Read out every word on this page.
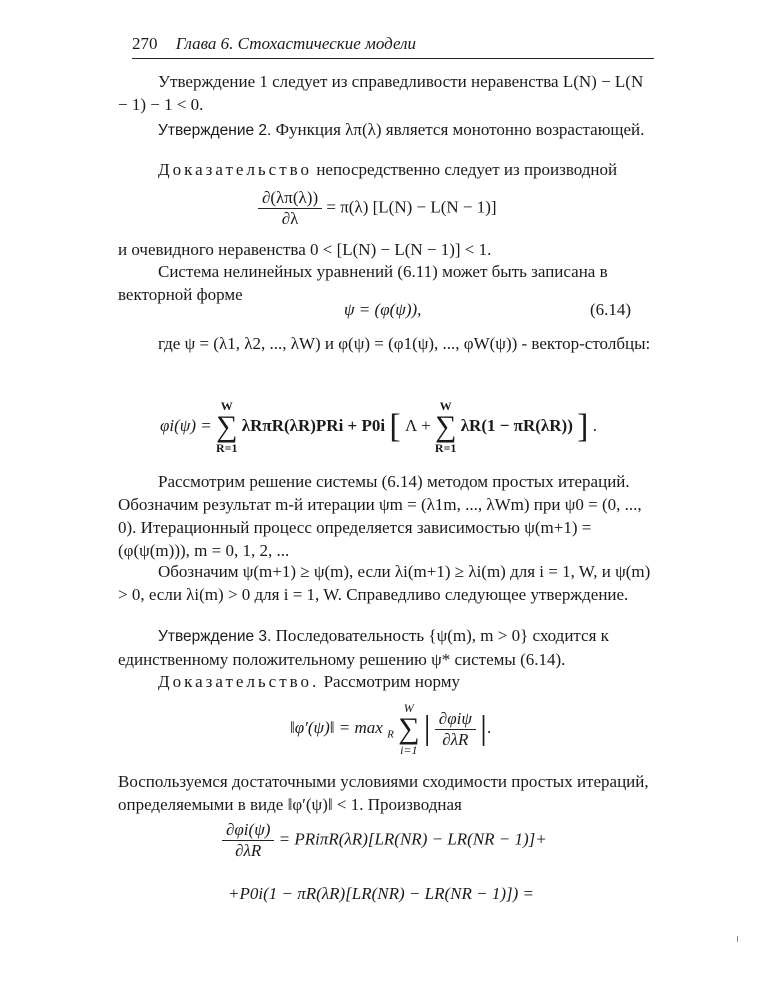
270 Глава 6. Стохастические модели
Утверждение 1 следует из справедливости неравенства L(N) − L(N − 1) − 1 < 0.
Утверждение 2. Функция λπ(λ) является монотонно возрастающей.
Доказательство непосредственно следует из производной
$\frac{\partial(\lambda\pi(\lambda))}{\partial\lambda} = \pi(\lambda) [L(N) - L(N - 1)]$
и очевидного неравенства 0 < [L(N) − L(N − 1)] < 1.
Система нелинейных уравнений (6.11) может быть записана в векторной форме
ψ = (φ(ψ)),	(6.14)
где ψ = (λ1, λ2, ..., λW) и φ(ψ) = (φ1(ψ), ..., φW(ψ)) - вектор-столбцы:
φi(ψ) =
W
∑
R=1
λRπR(λR)PRi + P0i [ Λ +
W
∑
R=1
λR(1 − πR(λR)) ] .
Рассмотрим решение системы (6.14) методом простых итераций. Обозначим результат m-й итерации ψm = (λ1m, ..., λWm) при ψ0 = (0, ..., 0). Итерационный процесс определяется зависимостью ψ(m+1) = (φ(ψ(m))), m = 0, 1, 2, ...
Обозначим ψ(m+1) ≥ ψ(m), если λi(m+1) ≥ λi(m) для i = 1, W, и ψ(m) > 0, если λi(m) > 0 для i = 1, W. Справедливо следующее утверждение.
Утверждение 3. Последовательность {ψ(m), m > 0} сходится к единственному положительному решению ψ* системы (6.14).
Доказательство. Рассмотрим норму
‖φ′(ψ)‖ = max $_R$
W
∑
i=1
| $\frac{\text{∂φiψ}}{\partial\lambda R}$ |.
Воспользуемся достаточными условиями сходимости простых итераций, определяемыми в виде ‖φ′(ψ)‖ < 1. Производная
$\frac{\partial\varphi i(\psi)}{\partial\lambda R} = PRi\pi R(\lambda R)[LR(NR) - LR(NR - 1)]+$
+P0i(1 − πR(λR)[LR(NR) − LR(NR − 1)]) =
